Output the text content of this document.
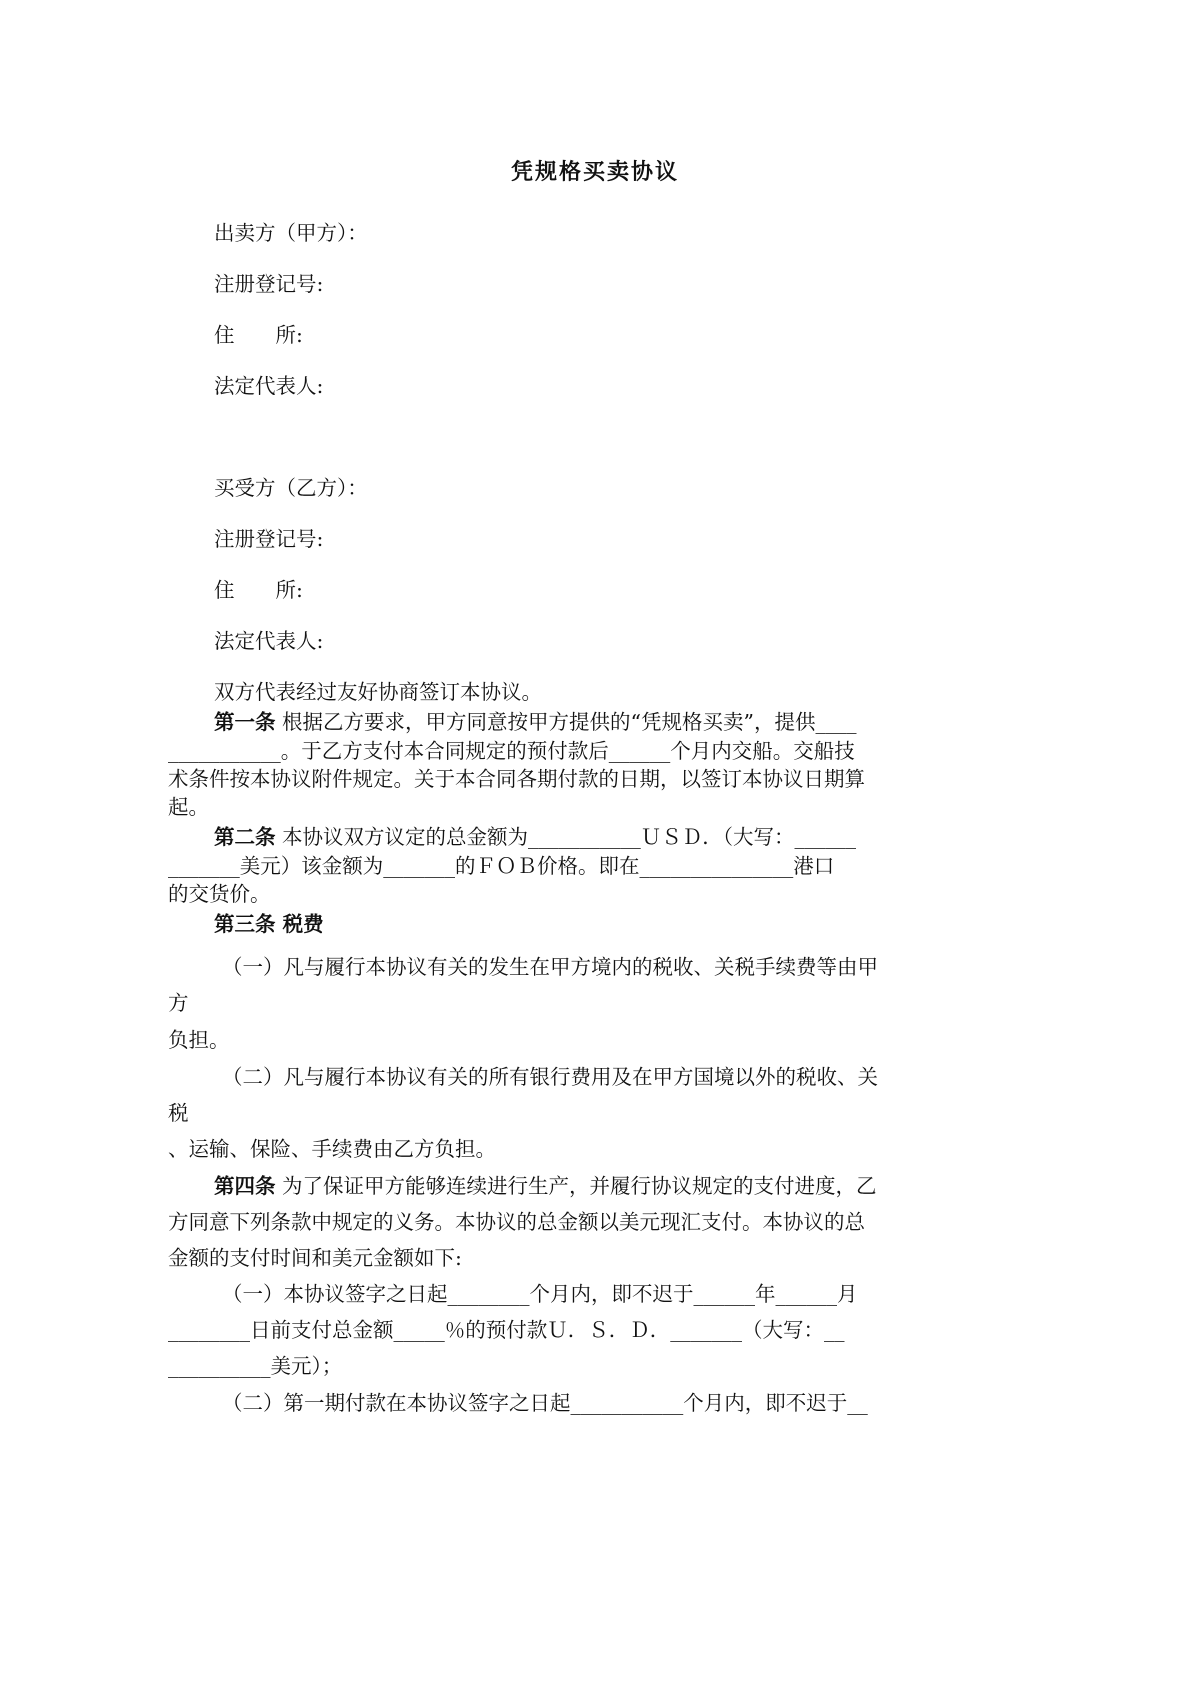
凭规格买卖协议
出卖方（甲方）：
注册登记号:
住　　所:
法定代表人:
买受方（乙方）：
注册登记号:
住　　所:
法定代表人:
双方代表经过友好协商签订本协议。
第一条 根据乙方要求，甲方同意按甲方提供的“凭规格买卖”，提供____
___________。于乙方支付本合同规定的预付款后______个月内交船。交船技
术条件按本协议附件规定。关于本合同各期付款的日期，以签订本协议日期算
起。
第二条 本协议双方议定的总金额为___________ＵＳＤ．（大写：______
_______美元）该金额为_______的ＦＯＢ价格。即在_______________港口
的交货价。
第三条 税费
（一）凡与履行本协议有关的发生在甲方境内的税收、关税手续费等由甲
方
负担。
（二）凡与履行本协议有关的所有银行费用及在甲方国境以外的税收、关
税
、运输、保险、手续费由乙方负担。
第四条 为了保证甲方能够连续进行生产，并履行协议规定的支付进度，乙
方同意下列条款中规定的义务。本协议的总金额以美元现汇支付。本协议的总
金额的支付时间和美元金额如下:
（一）本协议签字之日起________个月内，即不迟于______年______月
________日前支付总金额_____％的预付款Ｕ．Ｓ．Ｄ．_______（大写：__
__________美元）；
（二）第一期付款在本协议签字之日起___________个月内，即不迟于__
